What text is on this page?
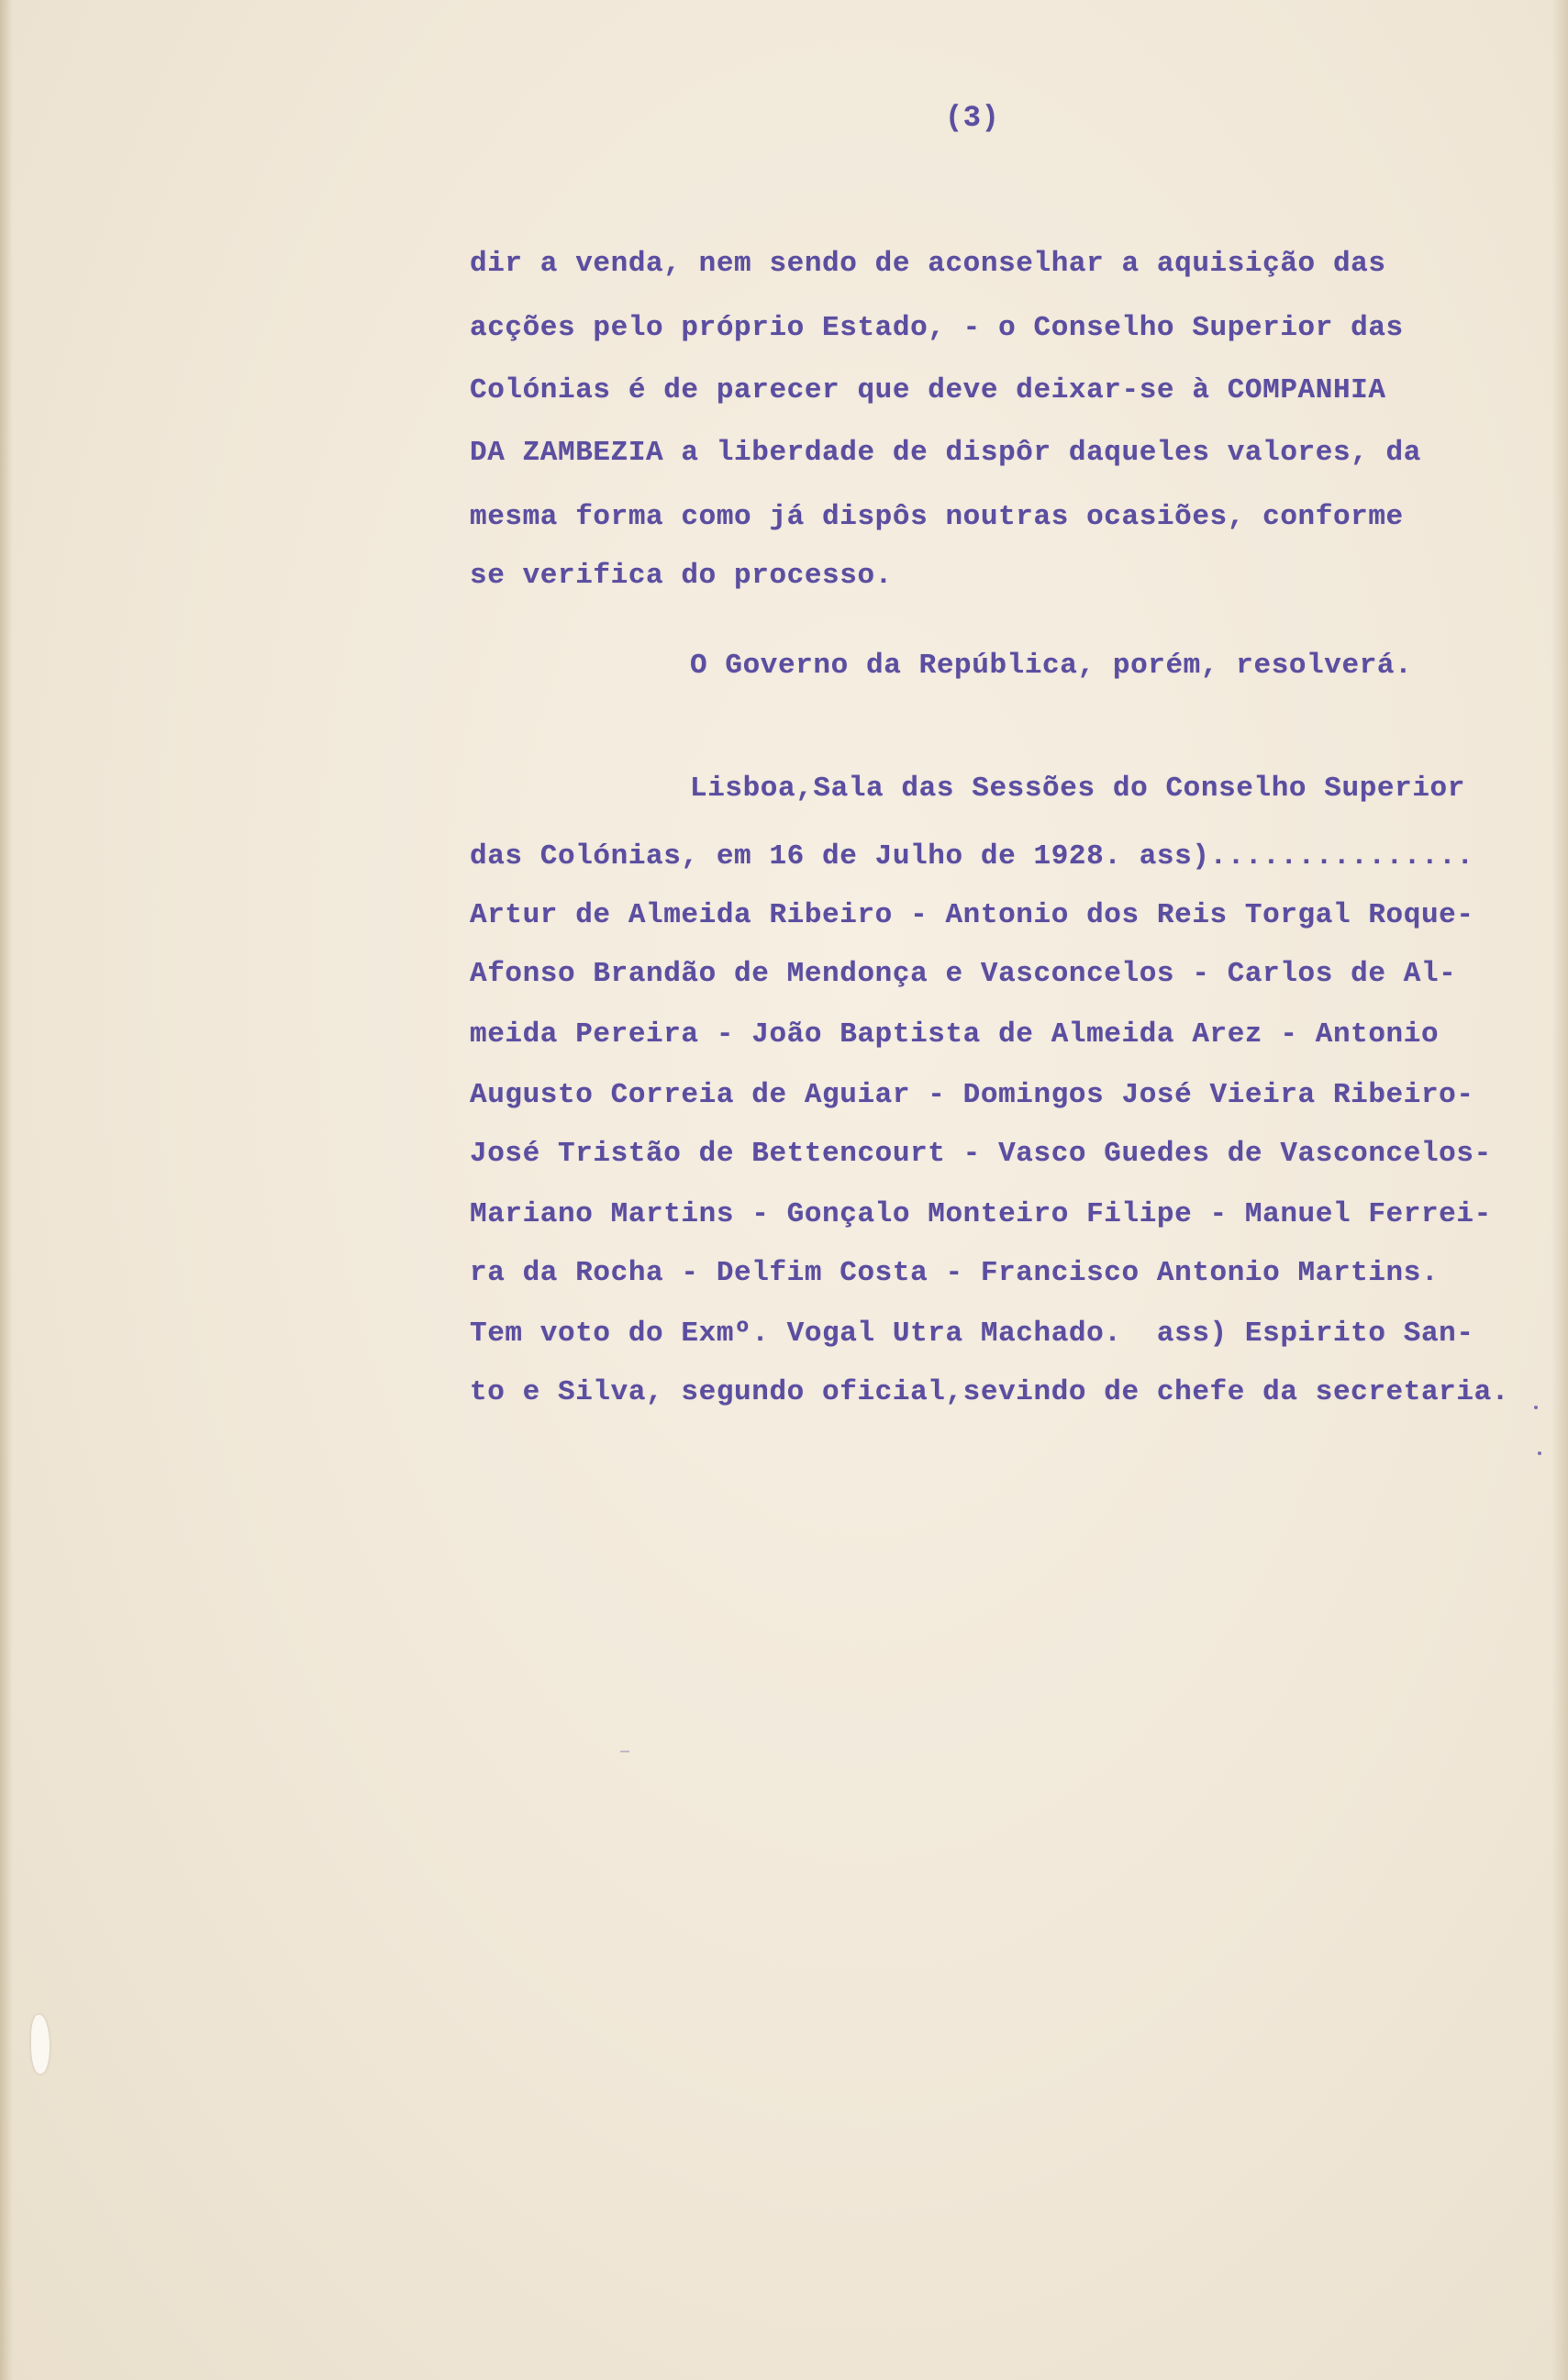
(3)
dir a venda, nem sendo de aconselhar a aquisição das
acções pelo próprio Estado, - o Conselho Superior das
Colónias é de parecer que deve deixar-se à COMPANHIA
DA ZAMBEZIA a liberdade de dispôr daqueles valores, da
mesma forma como já dispôs noutras ocasiões, conforme
se verifica do processo.
O Governo da República, porém, resolverá.
Lisboa,Sala das Sessões do Conselho Superior
das Colónias, em 16 de Julho de 1928. ass)...............
Artur de Almeida Ribeiro - Antonio dos Reis Torgal Roque-
Afonso Brandão de Mendonça e Vasconcelos - Carlos de Al-
meida Pereira - João Baptista de Almeida Arez - Antonio
Augusto Correia de Aguiar - Domingos José Vieira Ribeiro-
José Tristão de Bettencourt - Vasco Guedes de Vasconcelos-
Mariano Martins - Gonçalo Monteiro Filipe - Manuel Ferrei-
ra da Rocha - Delfim Costa - Francisco Antonio Martins.
Tem voto do Exmº. Vogal Utra Machado.  ass) Espirito San-
to e Silva, segundo oficial,sevindo de chefe da secretaria.
